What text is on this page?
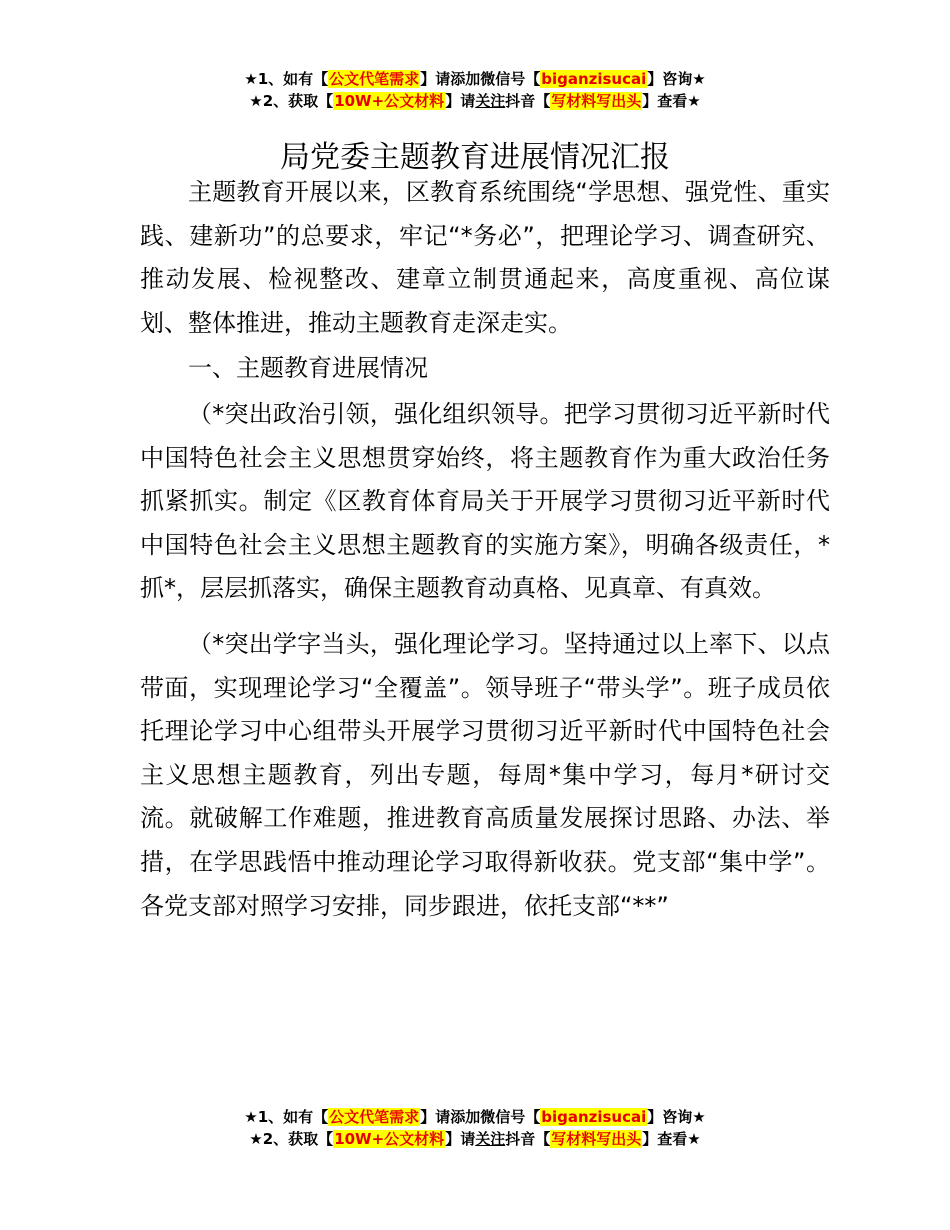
★1、如有【公文代笔需求】请添加微信号【biganzisucai】咨询★
★2、获取【10W+公文材料】请关注抖音【写材料写出头】查看★
局党委主题教育进展情况汇报

主题教育开展以来，区教育系统围绕“学思想、强党性、重实践、建新功”的总要求，牢记“*务必”，把理论学习、调查研究、推动发展、检视整改、建章立制贯通起来，高度重视、高位谋划、整体推进，推动主题教育走深走实。

一、主题教育进展情况

（*突出政治引领，强化组织领导。把学习贯彻习近平新时代中国特色社会主义思想贯穿始终，将主题教育作为重大政治任务抓紧抓实。制定《区教育体育局关于开展学习贯彻习近平新时代中国特色社会主义思想主题教育的实施方案》，明确各级责任，*抓*，层层抓落实，确保主题教育动真格、见真章、有真效。

（*突出学字当头，强化理论学习。坚持通过以上率下、以点带面，实现理论学习“全覆盖”。领导班子“带头学”。班子成员依托理论学习中心组带头开展学习贯彻习近平新时代中国特色社会主义思想主题教育，列出专题，每周*集中学习，每月*研讨交流。就破解工作难题，推进教育高质量发展探讨思路、办法、举措，在学思践悟中推动理论学习取得新收获。党支部“集中学”。各党支部对照学习安排，同步跟进，依托支部“**”

★1、如有【公文代笔需求】请添加微信号【biganzisucai】咨询★
★2、获取【10W+公文材料】请关注抖音【写材料写出头】查看★
